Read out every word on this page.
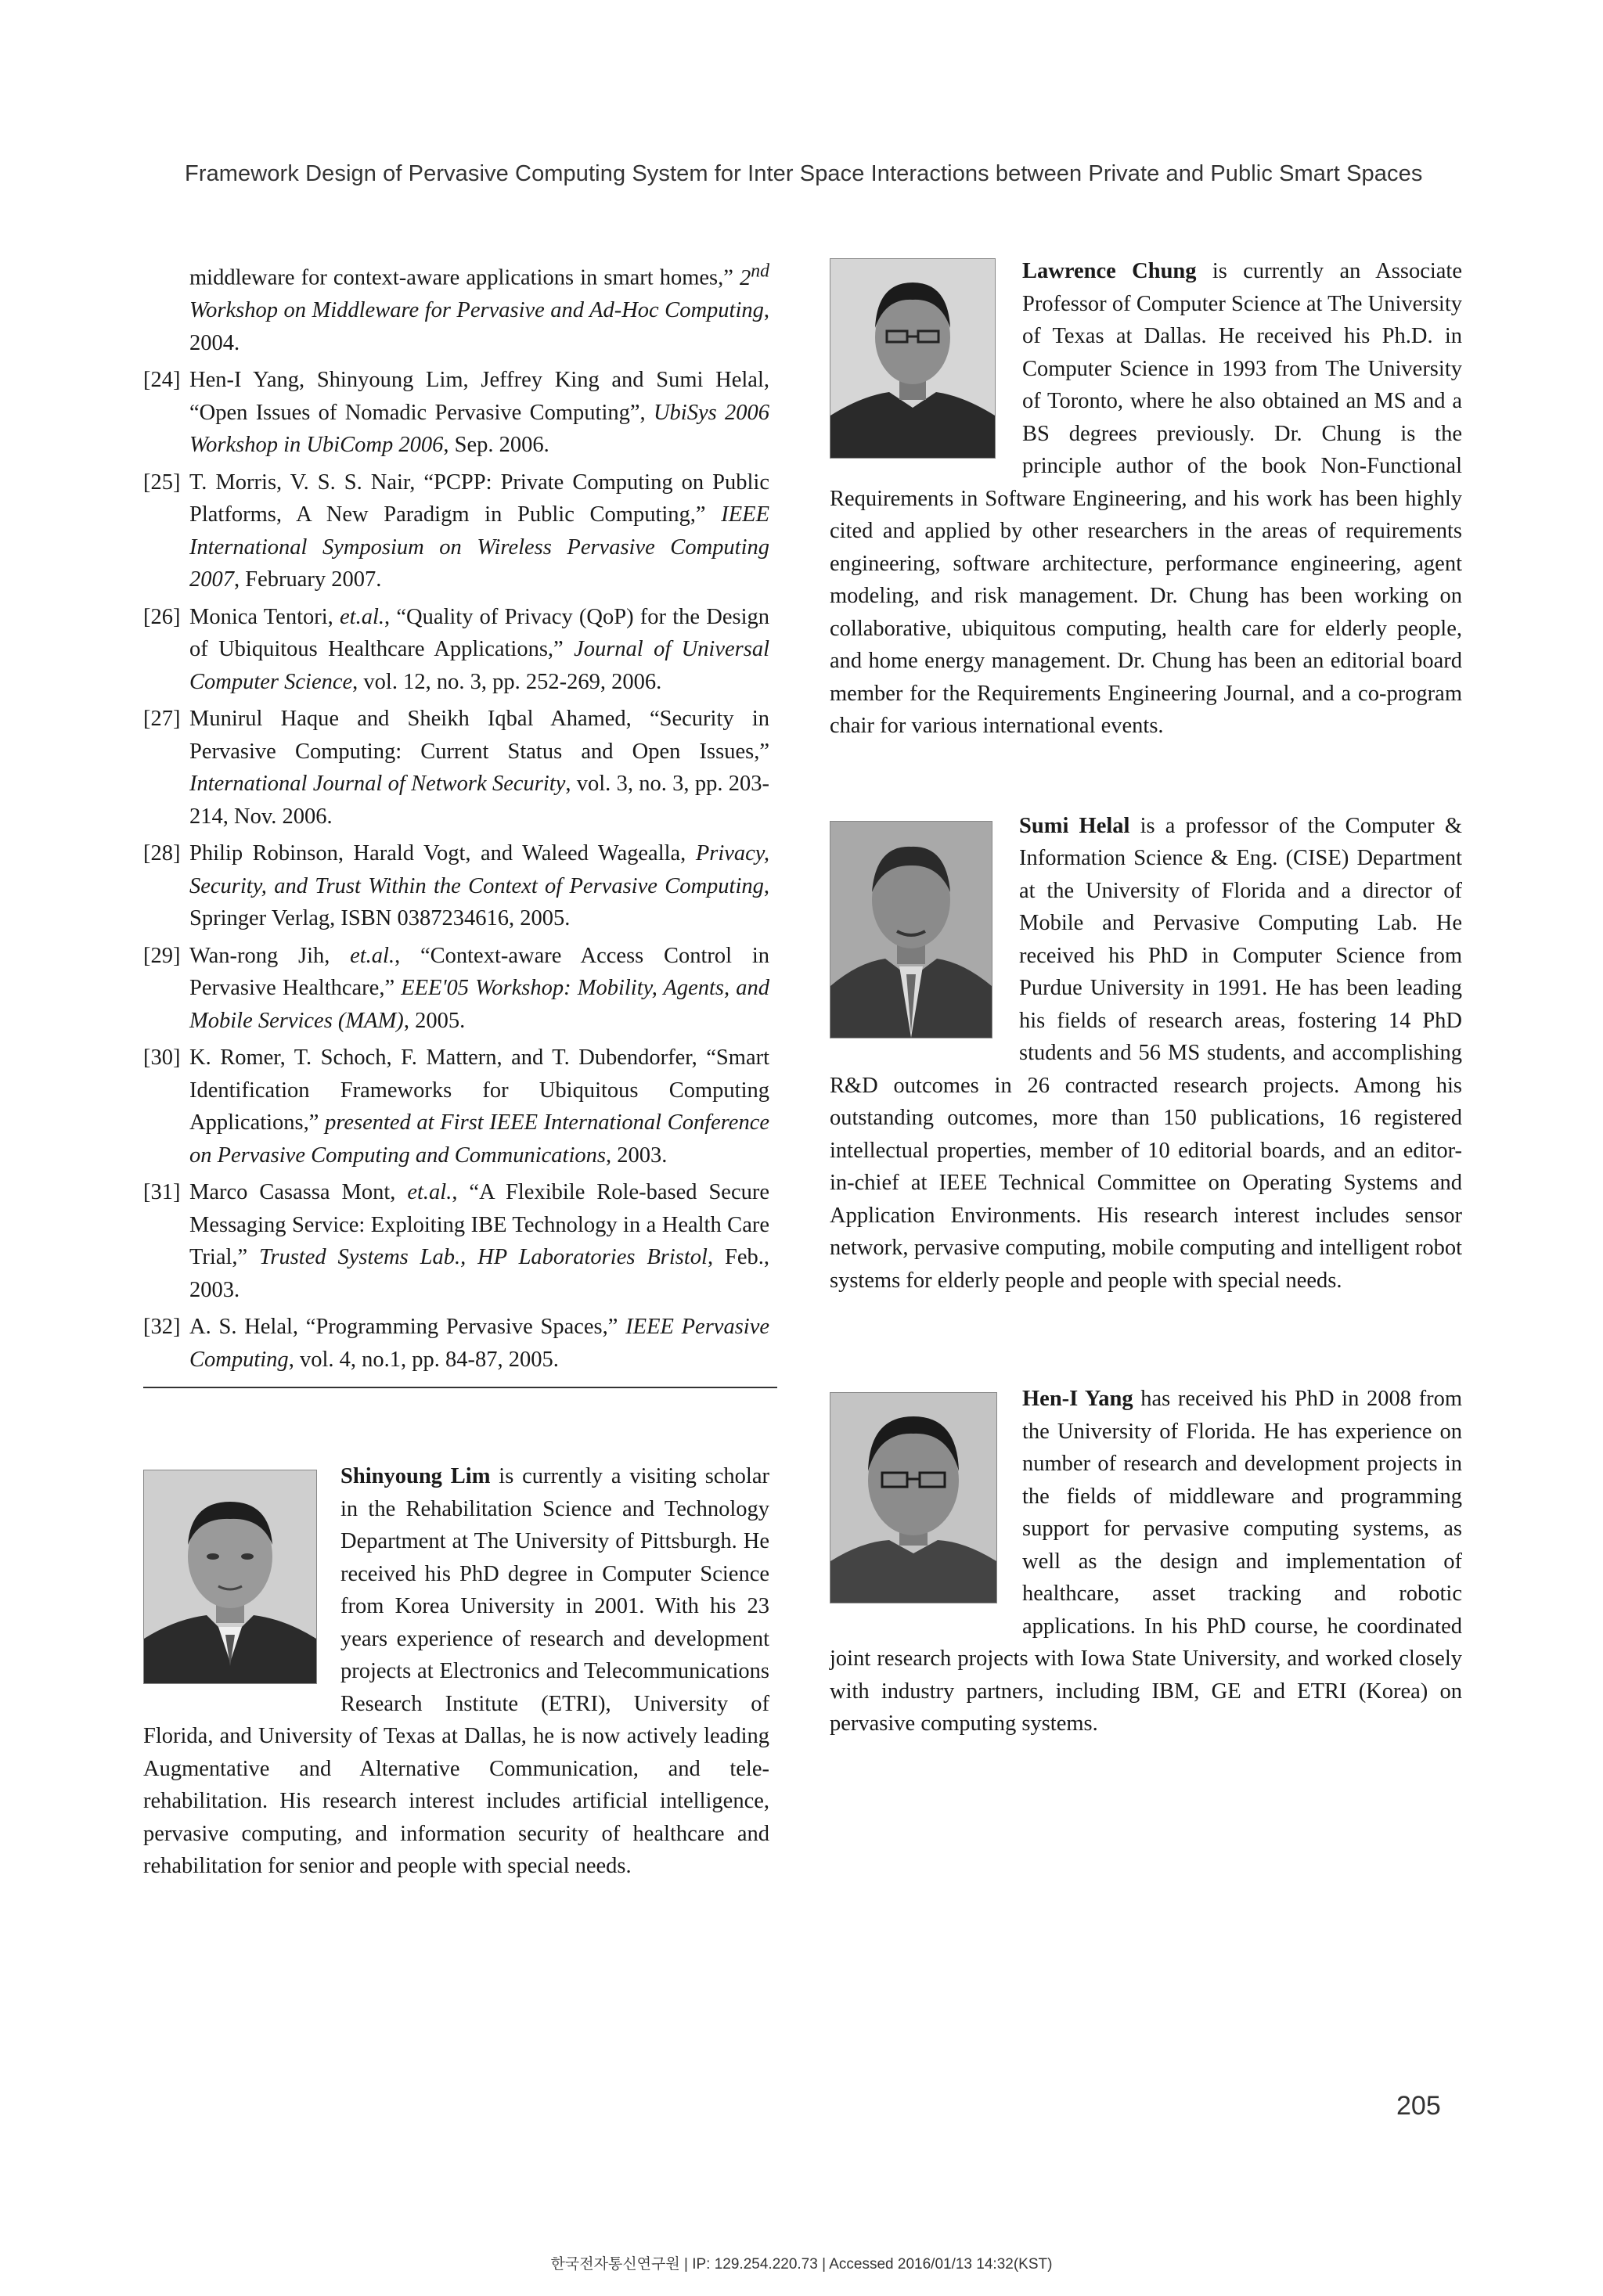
Framework Design of Pervasive Computing System for Inter Space Interactions between Private and Public Smart Spaces
middleware for context-aware applications in smart homes,” 2nd Workshop on Middleware for Pervasive and Ad-Hoc Computing, 2004.
[24] Hen-I Yang, Shinyoung Lim, Jeffrey King and Sumi Helal, “Open Issues of Nomadic Pervasive Computing”, UbiSys 2006 Workshop in UbiComp 2006, Sep. 2006.
[25] T. Morris, V. S. S. Nair, “PCPP: Private Computing on Public Platforms, A New Paradigm in Public Computing,” IEEE International Symposium on Wireless Pervasive Computing 2007, February 2007.
[26] Monica Tentori, et.al., “Quality of Privacy (QoP) for the Design of Ubiquitous Healthcare Applications,” Journal of Universal Computer Science, vol. 12, no. 3, pp. 252-269, 2006.
[27] Munirul Haque and Sheikh Iqbal Ahamed, “Security in Pervasive Computing: Current Status and Open Issues,” International Journal of Network Security, vol. 3, no. 3, pp. 203-214, Nov. 2006.
[28] Philip Robinson, Harald Vogt, and Waleed Wagealla, Privacy, Security, and Trust Within the Context of Pervasive Computing, Springer Verlag, ISBN 0387234616, 2005.
[29] Wan-rong Jih, et.al., “Context-aware Access Control in Pervasive Healthcare,” EEE'05 Workshop: Mobility, Agents, and Mobile Services (MAM), 2005.
[30] K. Romer, T. Schoch, F. Mattern, and T. Dubendorfer, “Smart Identification Frameworks for Ubiquitous Computing Applications,” presented at First IEEE International Conference on Pervasive Computing and Communications, 2003.
[31] Marco Casassa Mont, et.al., “A Flexibile Role-based Secure Messaging Service: Exploiting IBE Technology in a Health Care Trial,” Trusted Systems Lab., HP Laboratories Bristol, Feb., 2003.
[32] A. S. Helal, “Programming Pervasive Spaces,” IEEE Pervasive Computing, vol. 4, no.1, pp. 84-87, 2005.
Shinyoung Lim is currently a visiting scholar in the Rehabilitation Science and Technology Department at The University of Pittsburgh. He received his PhD degree in Computer Science from Korea University in 2001. With his 23 years experience of research and development projects at Electronics and Telecommunications Research Institute (ETRI), University of Florida, and University of Texas at Dallas, he is now actively leading Augmentative and Alternative Communication, and tele-rehabilitation. His research interest includes artificial intelligence, pervasive computing, and information security of healthcare and rehabilitation for senior and people with special needs.
Lawrence Chung is currently an Associate Professor of Computer Science at The University of Texas at Dallas. He received his Ph.D. in Computer Science in 1993 from The University of Toronto, where he also obtained an MS and a BS degrees previously. Dr. Chung is the principle author of the book Non-Functional Requirements in Software Engineering, and his work has been highly cited and applied by other researchers in the areas of requirements engineering, software architecture, performance engineering, agent modeling, and risk management. Dr. Chung has been working on collaborative, ubiquitous computing, health care for elderly people, and home energy management. Dr. Chung has been an editorial board member for the Requirements Engineering Journal, and a co-program chair for various international events.
Sumi Helal is a professor of the Computer & Information Science & Eng. (CISE) Department at the University of Florida and a director of Mobile and Pervasive Computing Lab. He received his PhD in Computer Science from Purdue University in 1991. He has been leading his fields of research areas, fostering 14 PhD students and 56 MS students, and accomplishing R&D outcomes in 26 contracted research projects. Among his outstanding outcomes, more than 150 publications, 16 registered intellectual properties, member of 10 editorial boards, and an editor-in-chief at IEEE Technical Committee on Operating Systems and Application Environments. His research interest includes sensor network, pervasive computing, mobile computing and intelligent robot systems for elderly people and people with special needs.
Hen-I Yang has received his PhD in 2008 from the University of Florida. He has experience on number of research and development projects in the fields of middleware and programming support for pervasive computing systems, as well as the design and implementation of healthcare, asset tracking and robotic applications. In his PhD course, he coordinated joint research projects with Iowa State University, and worked closely with industry partners, including IBM, GE and ETRI (Korea) on pervasive computing systems.
205
한국전자통신연구원 | IP: 129.254.220.73 | Accessed 2016/01/13 14:32(KST)
